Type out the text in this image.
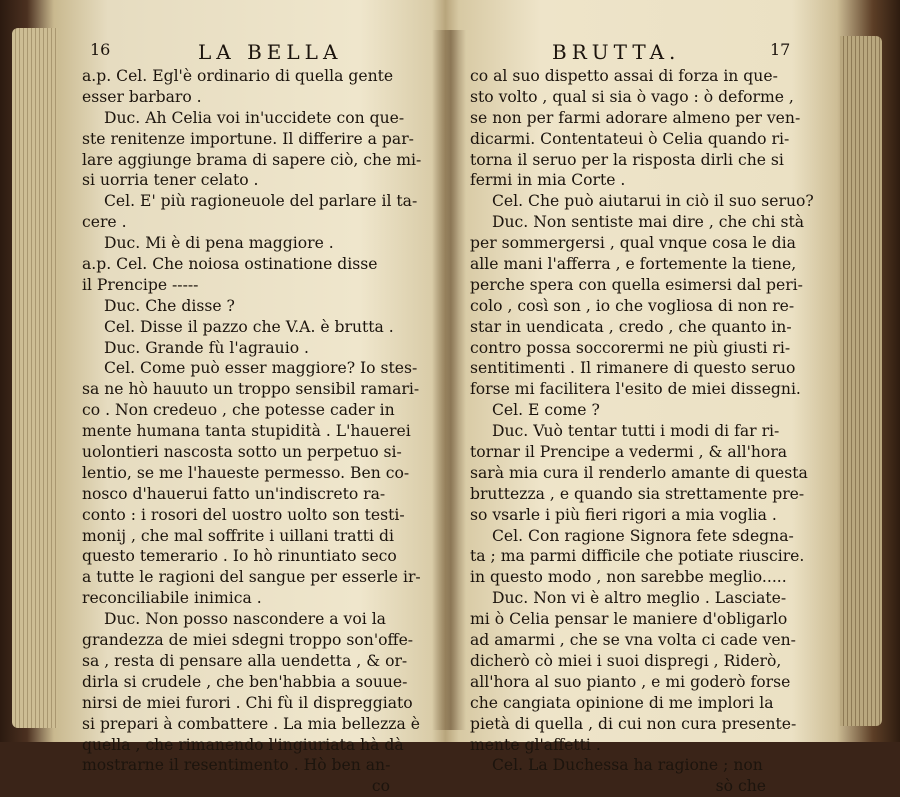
16	LA BELLA
a.p. Cel. Egl'è ordinario di quella gente
esser barbaro .
Duc. Ah Celia voi in'uccidete con que-
ste renitenze importune. Il differire a par-
lare aggiunge brama di sapere ciò, che mi-
si uorria tener celato .
Cel. E' più ragioneuole del parlare il ta-
cere .
Duc. Mi è di pena maggiore .
a.p. Cel. Che noiosa ostinatione disse
il Prencipe -----
Duc. Che disse ?
Cel. Disse il pazzo che V.A. è brutta .
Duc. Grande fù l'agrauio .
Cel. Come può esser maggiore? Io stes-
sa ne hò hauuto un troppo sensibil ramari-
co . Non credeuo , che potesse cader in
mente humana tanta stupidità . L'hauerei
uolontieri nascosta sotto un perpetuo si-
lentio, se me l'haueste permesso. Ben co-
nosco d'hauerui fatto un'indiscreto ra-
conto : i rosori del uostro uolto son testi-
monij , che mal soffrite i uillani tratti di
questo temerario . Io hò rinuntiato seco
a tutte le ragioni del sangue per esserle ir-
reconciliabile inimica .
Duc. Non posso nascondere a voi la
grandezza de miei sdegni troppo son'offe-
sa , resta di pensare alla uendetta , & or-
dirla si crudele , che ben'habbia a souue-
nirsi de miei furori . Chi fù il dispreggiato
si prepari à combattere . La mia bellezza è
quella , che rimanendo l'ingiuriata hà dà
mostrarne il resentimento . Hò ben an-
co
BRUTTA.	17
co al suo dispetto assai di forza in que-
sto volto , qual si sia ò vago : ò deforme ,
se non per farmi adorare almeno per ven-
dicarmi. Contentateui ò Celia quando ri-
torna il seruo per la risposta dirli che si
fermi in mia Corte .
Cel. Che può aiutarui in ciò il suo seruo?
Duc. Non sentiste mai dire , che chi stà
per sommergersi , qual vnque cosa le dia
alle mani l'afferra , e fortemente la tiene,
perche spera con quella esimersi dal peri-
colo , così son , io che vogliosa di non re-
star in uendicata , credo , che quanto in-
contro possa soccorermi ne più giusti ri-
sentitimenti . Il rimanere di questo seruo
forse mi facilitera l'esito de miei dissegni.
Cel. E come ?
Duc. Vuò tentar tutti i modi di far ri-
tornar il Prencipe a vedermi , & all'hora
sarà mia cura il renderlo amante di questa
bruttezza , e quando sia strettamente pre-
so vsarle i più fieri rigori a mia voglia .
Cel. Con ragione Signora fete sdegna-
ta ; ma parmi difficile che potiate riuscire.
in questo modo , non sarebbe meglio.....
Duc. Non vi è altro meglio . Lasciate-
mi ò Celia pensar le maniere d'obligarlo
ad amarmi , che se vna volta ci cade ven-
dicherò cò miei i suoi dispregi , Riderò,
all'hora al suo pianto , e mi goderò forse
che cangiata opinione di me implori la
pietà di quella , di cui non cura presente-
mente gl'affetti .
Cel. La Duchessa ha ragione ; non
sò che
